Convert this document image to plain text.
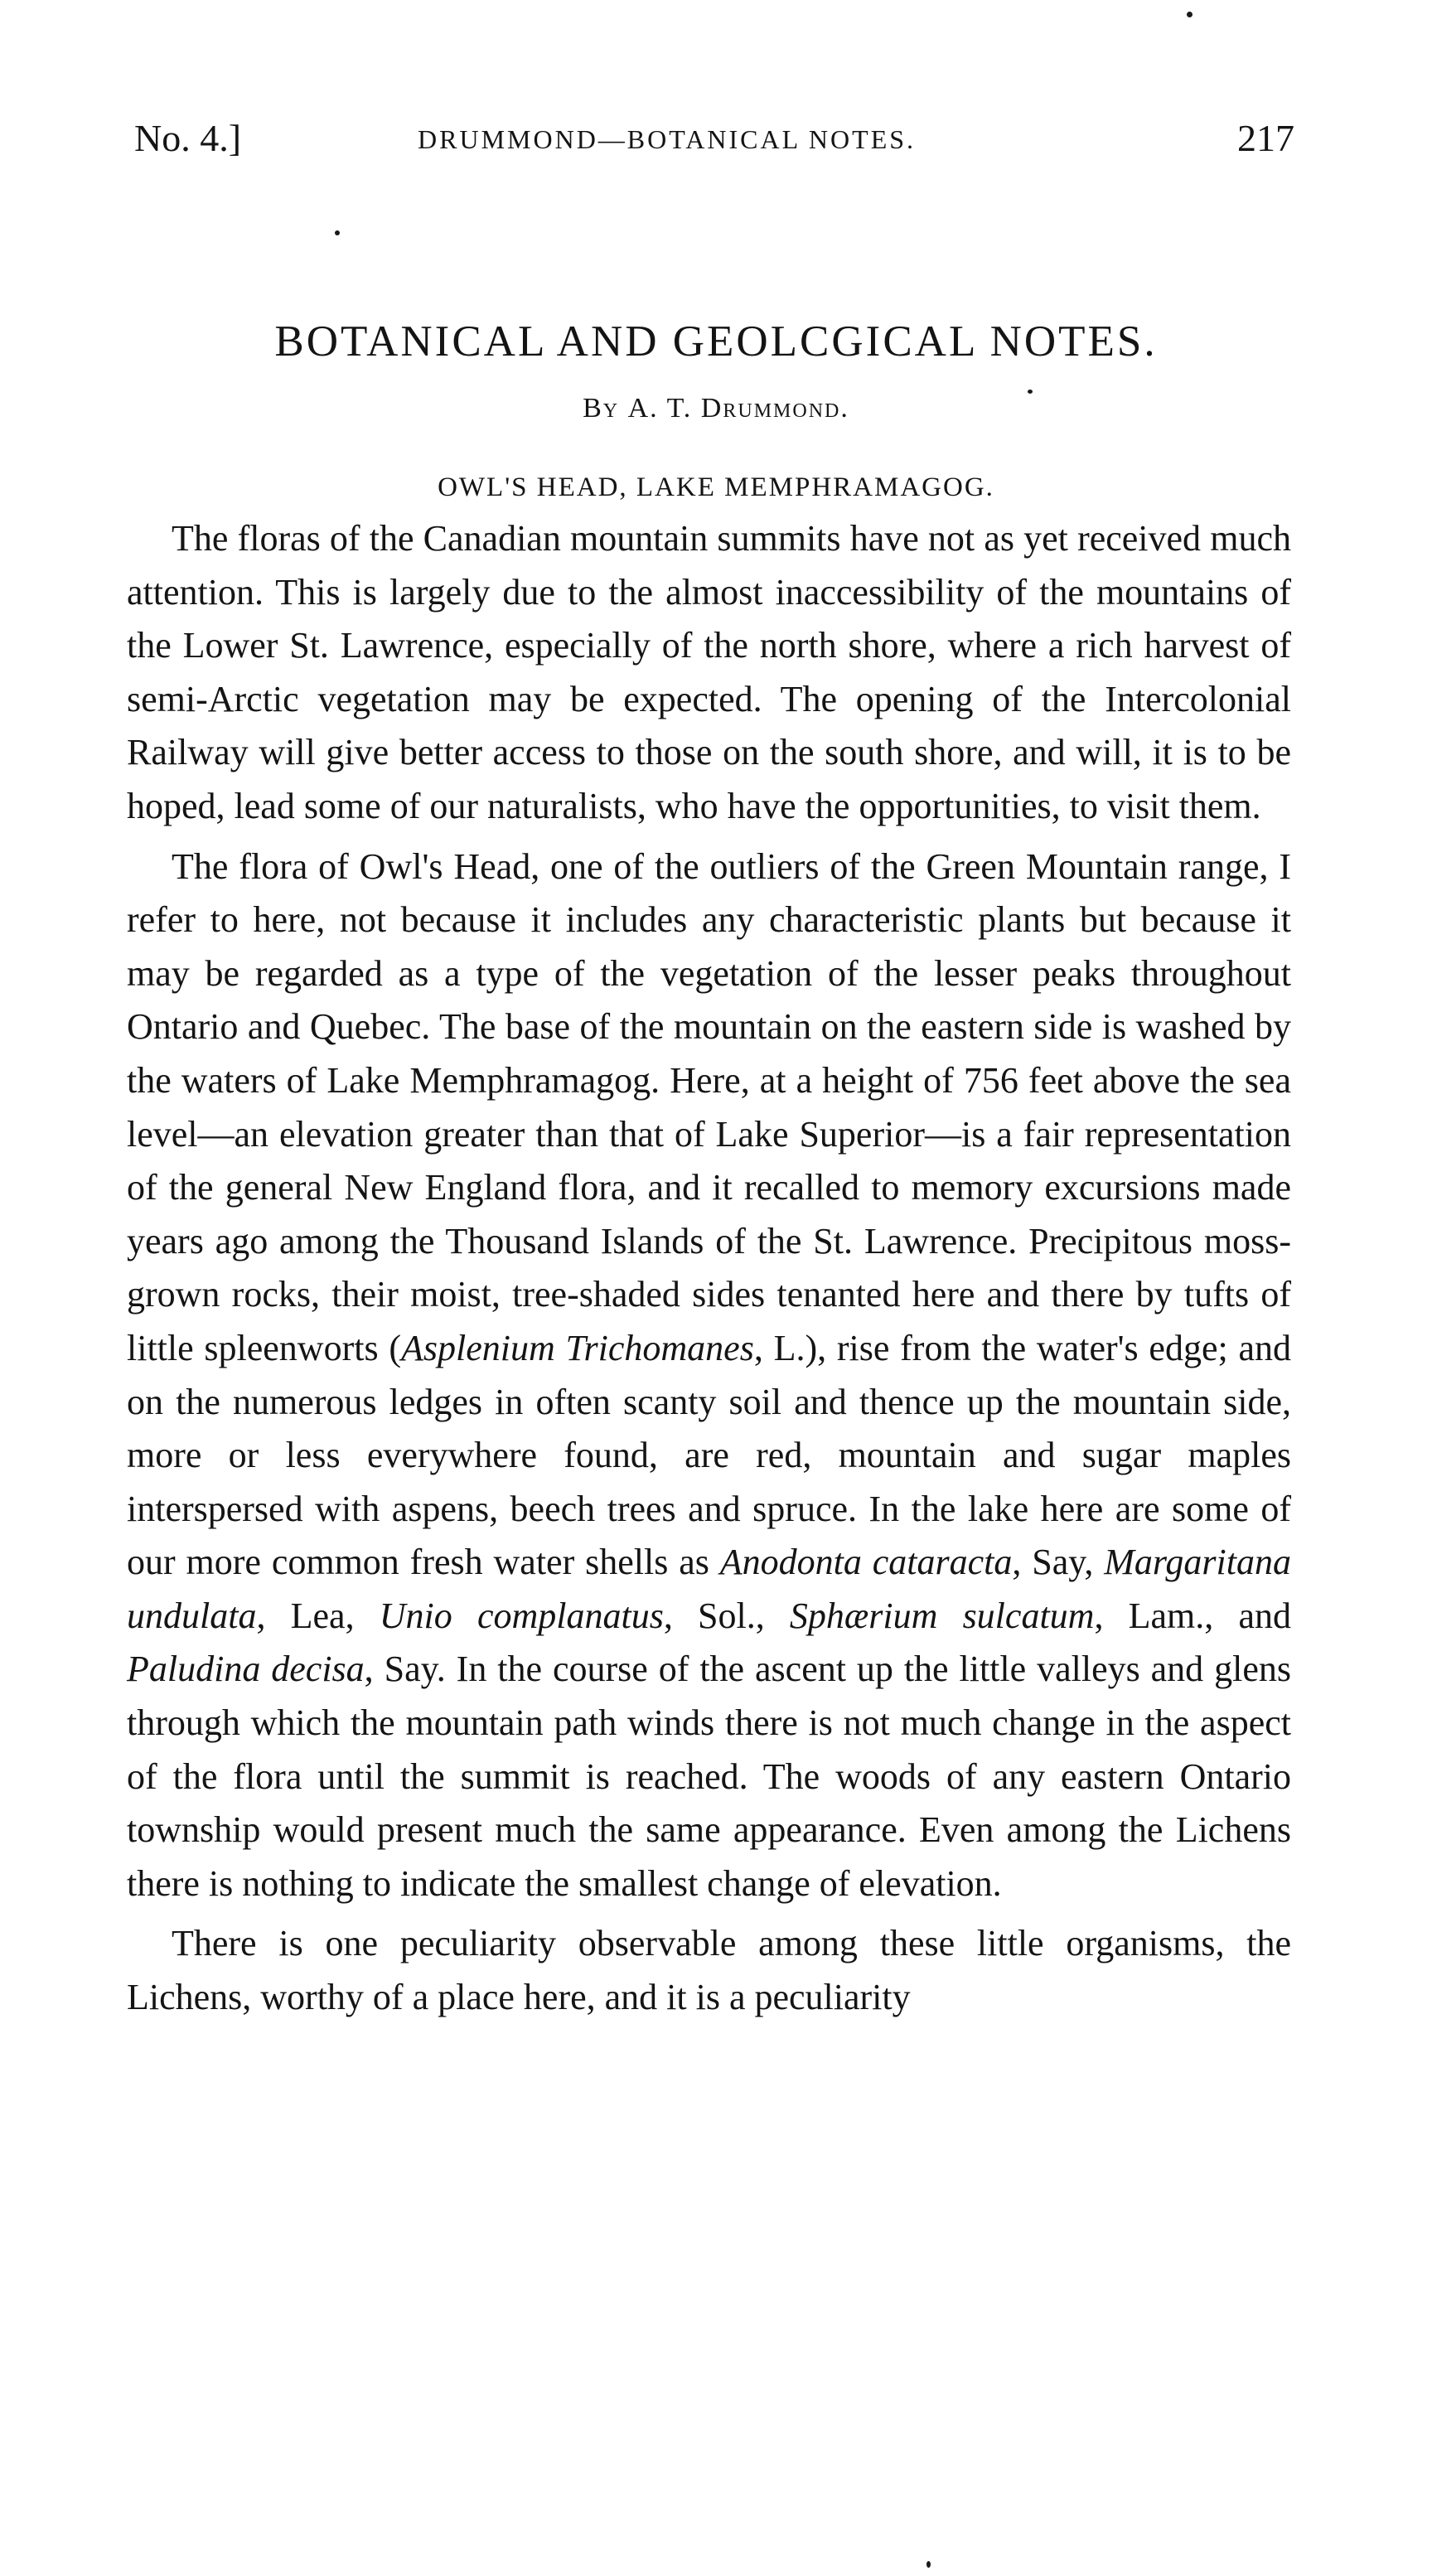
No. 4.]	DRUMMOND—BOTANICAL NOTES.	217
BOTANICAL AND GEOLCGICAL NOTES.
By A. T. Drummond.
OWL'S HEAD, LAKE MEMPHRAMAGOG.

The floras of the Canadian mountain summits have not as yet received much attention. This is largely due to the almost inaccessibility of the mountains of the Lower St. Lawrence, especially of the north shore, where a rich harvest of semi-Arctic vegetation may be expected. The opening of the Intercolonial Railway will give better access to those on the south shore, and will, it is to be hoped, lead some of our naturalists, who have the opportunities, to visit them.

The flora of Owl's Head, one of the outliers of the Green Mountain range, I refer to here, not because it includes any characteristic plants but because it may be regarded as a type of the vegetation of the lesser peaks throughout Ontario and Quebec. The base of the mountain on the eastern side is washed by the waters of Lake Memphramagog. Here, at a height of 756 feet above the sea level—an elevation greater than that of Lake Superior—is a fair representation of the general New England flora, and it recalled to memory excursions made years ago among the Thousand Islands of the St. Lawrence. Precipitous moss-grown rocks, their moist, tree-shaded sides tenanted here and there by tufts of little spleenworts (Asplenium Trichomanes, L.), rise from the water's edge; and on the numerous ledges in often scanty soil and thence up the mountain side, more or less everywhere found, are red, mountain and sugar maples interspersed with aspens, beech trees and spruce. In the lake here are some of our more common fresh water shells as Anodonta cataracta, Say, Margaritana undulata, Lea, Unio complanatus, Sol., Sphærium sulcatum, Lam., and Paludina decisa, Say. In the course of the ascent up the little valleys and glens through which the mountain path winds there is not much change in the aspect of the flora until the summit is reached. The woods of any eastern Ontario township would present much the same appearance. Even among the Lichens there is nothing to indicate the smallest change of elevation.

There is one peculiarity observable among these little organisms, the Lichens, worthy of a place here, and it is a peculiarity
